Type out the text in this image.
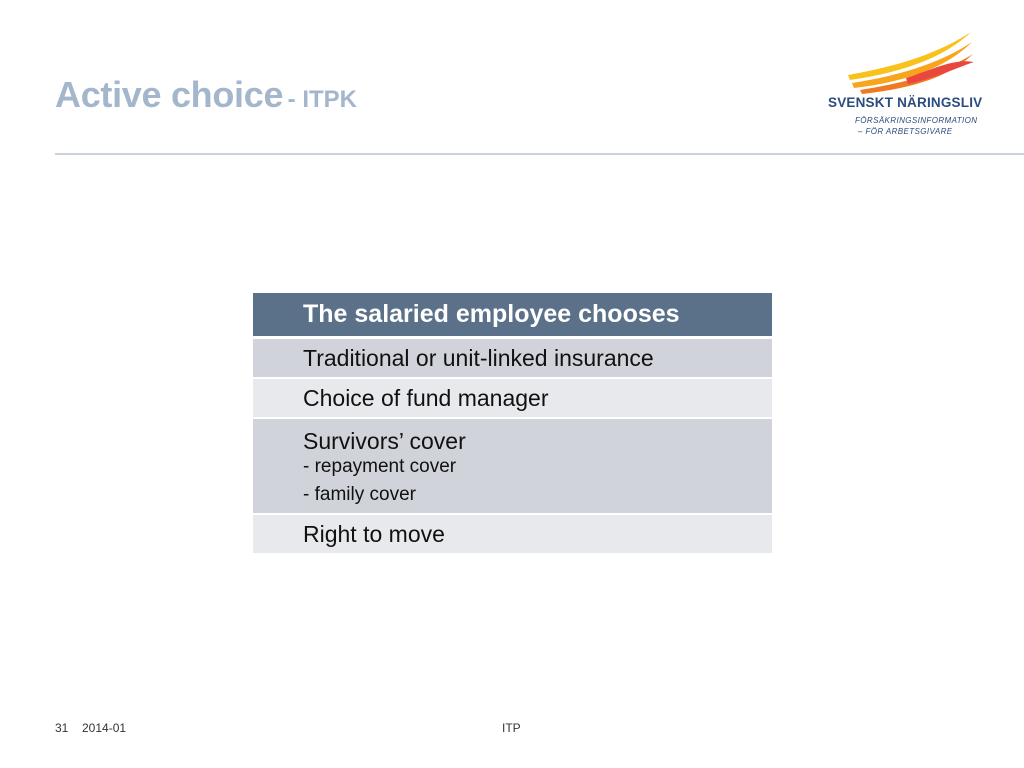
Active choice - ITPK	SVENSKT NÄRINGSLIV
FÖRSÄKRINGSINFORMATION
– FÖR ARBETSGIVARE
The salaried employee chooses
Traditional or unit-linked insurance
Choice of fund manager
Survivors’ cover
- repayment cover
- family cover
Right to move
31 2014-01	ITP
